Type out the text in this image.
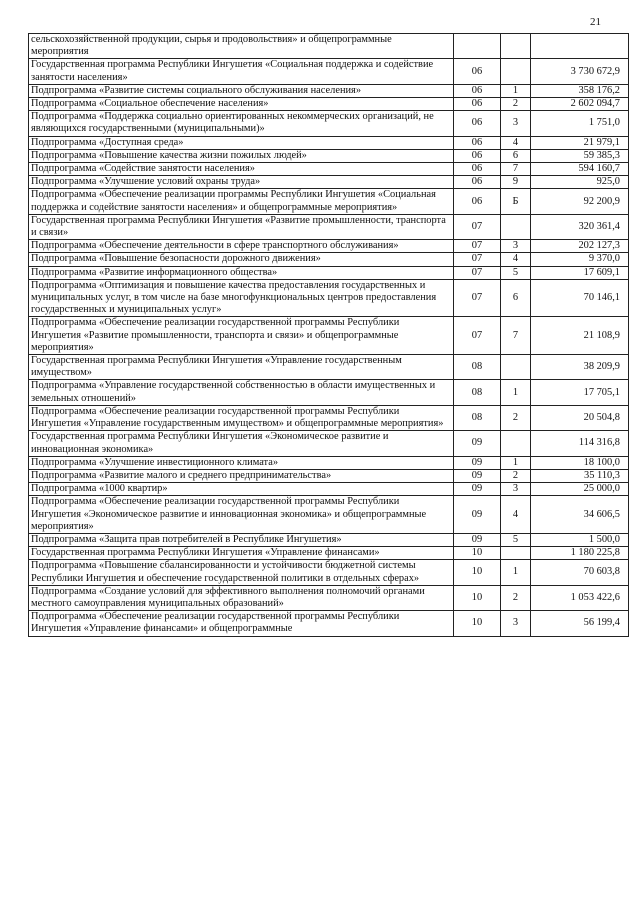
21
сельскохозяйственной продукции, сырья и продовольствия» и общепрограммные мероприятия			
Государственная программа Республики Ингушетия «Социальная поддержка и содействие занятости населения»	06		3 730 672,9
Подпрограмма «Развитие системы социального обслуживания населения»	06	1	358 176,2
Подпрограмма «Социальное обеспечение населения»	06	2	2 602 094,7
Подпрограмма «Поддержка социально ориентированных некоммерческих организаций, не являющихся государственными (муниципальными)»	06	3	1 751,0
Подпрограмма «Доступная среда»	06	4	21 979,1
Подпрограмма «Повышение качества жизни пожилых людей»	06	6	59 385,3
Подпрограмма «Содействие занятости населения»	06	7	594 160,7
Подпрограмма «Улучшение условий охраны труда»	06	9	925,0
Подпрограмма «Обеспечение реализации программы Республики Ингушетия «Социальная поддержка и содействие занятости населения» и общепрограммные мероприятия»	06	Б	92 200,9
Государственная программа Республики Ингушетия «Развитие промышленности, транспорта и связи»	07		320 361,4
Подпрограмма «Обеспечение деятельности в сфере транспортного обслуживания»	07	3	202 127,3
Подпрограмма «Повышение безопасности дорожного движения»	07	4	9 370,0
Подпрограмма «Развитие информационного общества»	07	5	17 609,1
Подпрограмма «Оптимизация и повышение качества предоставления государственных и муниципальных услуг, в том числе на базе многофункциональных центров предоставления государственных и муниципальных услуг»	07	6	70 146,1
Подпрограмма «Обеспечение реализации государственной программы Республики Ингушетия «Развитие промышленности, транспорта и связи» и общепрограммные мероприятия»	07	7	21 108,9
Государственная программа Республики Ингушетия «Управление государственным имуществом»	08		38 209,9
Подпрограмма «Управление государственной собственностью в области имущественных и земельных отношений»	08	1	17 705,1
Подпрограмма «Обеспечение реализации государственной программы Республики Ингушетия «Управление государственным имуществом» и общепрограммные мероприятия»	08	2	20 504,8
Государственная программа Республики Ингушетия «Экономическое развитие и инновационная экономика»	09		114 316,8
Подпрограмма «Улучшение инвестиционного климата»	09	1	18 100,0
Подпрограмма «Развитие малого и среднего предпринимательства»	09	2	35 110,3
Подпрограмма «1000 квартир»	09	3	25 000,0
Подпрограмма «Обеспечение реализации государственной программы Республики Ингушетия «Экономическое развитие и инновационная экономика» и общепрограммные мероприятия»	09	4	34 606,5
Подпрограмма «Защита прав потребителей в Республике Ингушетия»	09	5	1 500,0
Государственная программа Республики Ингушетия «Управление финансами»	10		1 180 225,8
Подпрограмма «Повышение сбалансированности и устойчивости бюджетной системы Республики Ингушетия и обеспечение государственной политики в отдельных сферах»	10	1	70 603,8
Подпрограмма «Создание условий для эффективного выполнения полномочий органами местного самоуправления муниципальных образований»	10	2	1 053 422,6
Подпрограмма «Обеспечение реализации государственной программы Республики Ингушетия «Управление финансами» и общепрограммные	10	3	56 199,4
